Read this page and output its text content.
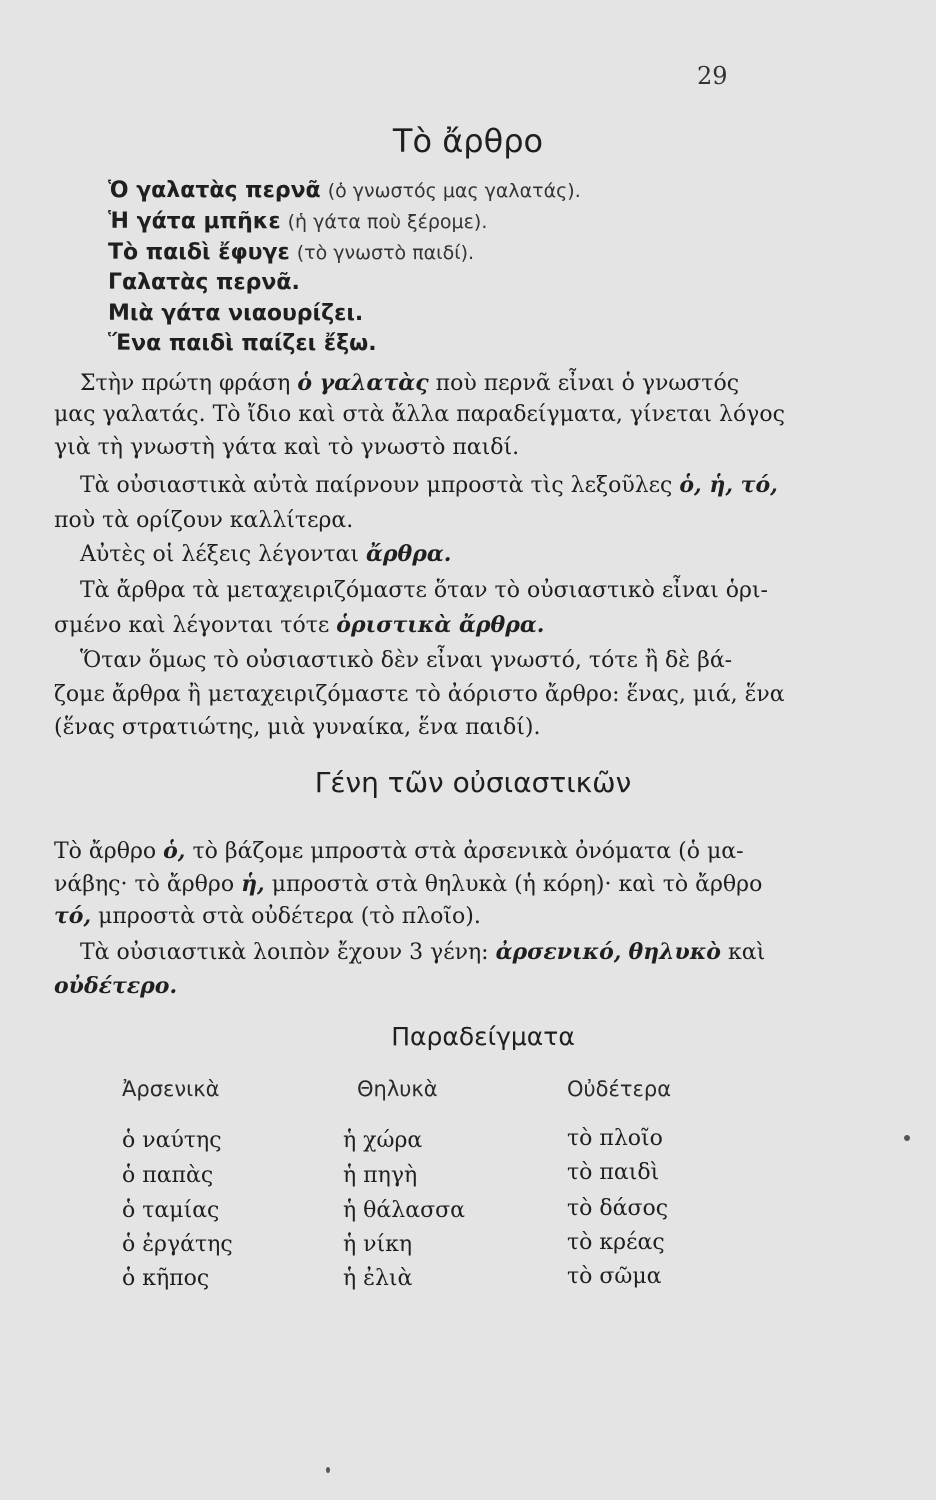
29
Τὸ ἄρθρο
Ὁ γαλατὰς περνᾶ (ὁ γνωστός μας γαλατάς).
Ἡ γάτα μπῆκε (ἡ γάτα ποὺ ξέρομε).
Τὸ παιδὶ ἔφυγε (τὸ γνωστὸ παιδί).
Γαλατὰς περνᾶ.
Μιὰ γάτα νιαουρίζει.
Ἕνα παιδὶ παίζει ἔξω.
Στὴν πρώτη φράση ὁ γαλατὰς ποὺ περνᾶ εἶναι ὁ γνωστός
μας γαλατάς. Τὸ ἴδιο καὶ στὰ ἄλλα παραδείγματα, γίνεται λόγος
γιὰ τὴ γνωστὴ γάτα καὶ τὸ γνωστὸ παιδί.
Τὰ οὐσιαστικὰ αὐτὰ παίρνουν μπροστὰ τὶς λεξοῦλες ὁ, ἡ, τό,
ποὺ τὰ ορίζουν καλλίτερα.
Αὐτὲς οἱ λέξεις λέγονται ἄρθρα.
Τὰ ἄρθρα τὰ μεταχειριζόμαστε ὅταν τὸ οὐσιαστικὸ εἶναι ὁρι-
σμένο καὶ λέγονται τότε ὁριστικὰ ἄρθρα.
Ὅταν ὅμως τὸ οὐσιαστικὸ δὲν εἶναι γνωστό, τότε ἢ δὲ βά-
ζομε ἄρθρα ἢ μεταχειριζόμαστε τὸ ἀόριστο ἄρθρο: ἕνας, μιά, ἕνα
(ἕνας στρατιώτης, μιὰ γυναίκα, ἕνα παιδί).
Γένη τῶν οὐσιαστικῶν
Τὸ ἄρθρο ὁ, τὸ βάζομε μπροστὰ στὰ ἀρσενικὰ ὀνόματα (ὁ μα-
νάβης· τὸ ἄρθρο ἡ, μπροστὰ στὰ θηλυκὰ (ἡ κόρη)· καὶ τὸ ἄρθρο
τό, μπροστὰ στὰ οὐδέτερα (τὸ πλοῖο).
Τὰ οὐσιαστικὰ λοιπὸν ἔχουν 3 γένη: ἀρσενικό, θηλυκὸ καὶ
οὐδέτερο.
Παραδείγματα
Ἀρσενικὰ	Θηλυκὰ	Οὐδέτερα
ὁ ναύτης
ὁ παπὰς
ὁ ταμίας
ὁ ἐργάτης
ὁ κῆπος
ἡ χώρα
ἡ πηγὴ
ἡ θάλασσα
ἡ νίκη
ἡ ἐλιὰ
τὸ πλοῖο
τὸ παιδὶ
τὸ δάσος
τὸ κρέας
τὸ σῶμα
